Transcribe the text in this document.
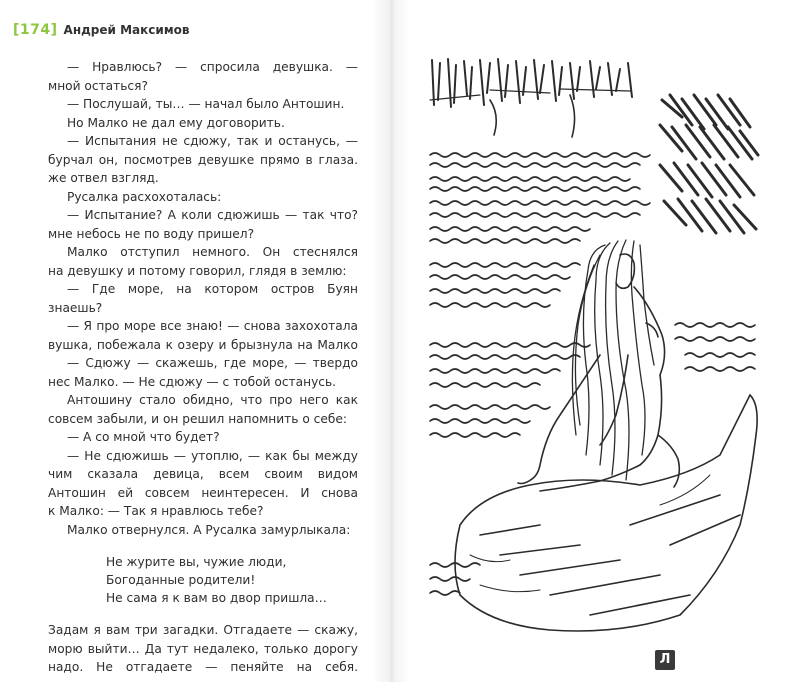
[174] Андрей Максимов
— Нравлюсь? — спросила девушка. —
мной остаться?
— Послушай, ты… — начал было Антошин.
Но Малко не дал ему договорить.
— Испытания не сдюжу, так и останусь, —
бурчал он, посмотрев девушке прямо в глаза.
же отвел взгляд.
Русалка расхохоталась:
— Испытание? А коли сдюжишь — так что?
мне небось не по воду пришел?
Малко отступил немного. Он стеснялся
на девушку и потому говорил, глядя в землю:
— Где море, на котором остров Буян
знаешь?
— Я про море все знаю! — снова захохотала
вушка, побежала к озеру и брызнула на Малко
— Сдюжу — скажешь, где море, — твердо
нес Малко. — Не сдюжу — с тобой останусь.
Антошину стало обидно, что про него как
совсем забыли, и он решил напомнить о себе:
— А со мной что будет?
— Не сдюжишь — утоплю, — как бы между
чим сказала девица, всем своим видом
Антошин ей совсем неинтересен. И снова
к Малко: — Так я нравлюсь тебе?
Малко отвернулся. А Русалка замурлыкала:
Не журите вы, чужие люди,
Богоданные родители!
Не сама я к вам во двор пришла…
Задам я вам три загадки. Отгадаете — скажу,
морю выйти… Да тут недалеко, только дорогу
надо. Не отгадаете — пеняйте на себя.	Л
